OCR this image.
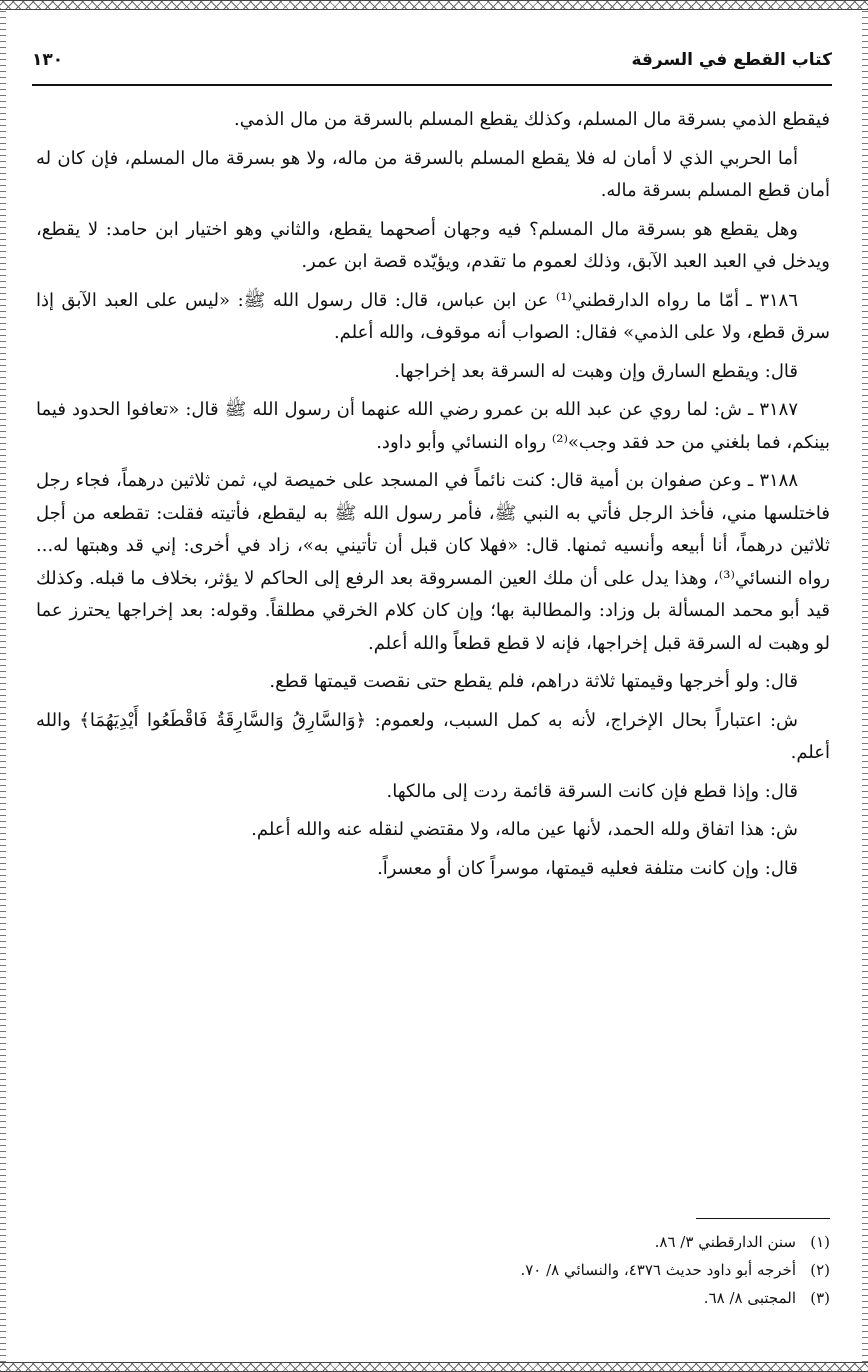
كتاب القطع في السرقة
١٣٠

فيقطع الذمي بسرقة مال المسلم، وكذلك يقطع المسلم بالسرقة من مال الذمي.

أما الحربي الذي لا أمان له فلا يقطع المسلم بالسرقة من ماله، ولا هو بسرقة مال المسلم، فإن كان له أمان قطع المسلم بسرقة ماله.

وهل يقطع هو بسرقة مال المسلم؟ فيه وجهان أصحهما يقطع، والثاني وهو اختيار ابن حامد: لا يقطع، ويدخل في العبد العبد الآبق، وذلك لعموم ما تقدم، ويؤيّده قصة ابن عمر.

٣١٨٦ ـ أمّا ما رواه الدارقطني⁽¹⁾ عن ابن عباس، قال: قال رسول الله ﷺ: «ليس على العبد الآبق إذا سرق قطع، ولا على الذمي» فقال: الصواب أنه موقوف، والله أعلم.

قال: ويقطع السارق وإن وهبت له السرقة بعد إخراجها.

٣١٨٧ ـ ش: لما روي عن عبد الله بن عمرو رضي الله عنهما أن رسول الله ﷺ قال: «تعافوا الحدود فيما بينكم، فما بلغني من حد فقد وجب»⁽²⁾ رواه النسائي وأبو داود.

٣١٨٨ ـ وعن صفوان بن أمية قال: كنت نائماً في المسجد على خميصة لي، ثمن ثلاثين درهماً، فجاء رجل فاختلسها مني، فأخذ الرجل فأتي به النبي ﷺ، فأمر رسول الله ﷺ به ليقطع، فأتيته فقلت: تقطعه من أجل ثلاثين درهماً، أنا أبيعه وأنسيه ثمنها. قال: «فهلا كان قبل أن تأتيني به»، زاد في أخرى: إني قد وهبتها له... رواه النسائي⁽³⁾، وهذا يدل على أن ملك العين المسروقة بعد الرفع إلى الحاكم لا يؤثر، بخلاف ما قبله. وكذلك قيد أبو محمد المسألة بل وزاد: والمطالبة بها؛ وإن كان كلام الخرقي مطلقاً. وقوله: بعد إخراجها يحترز عما لو وهبت له السرقة قبل إخراجها، فإنه لا قطع قطعاً والله أعلم.

قال: ولو أخرجها وقيمتها ثلاثة دراهم، فلم يقطع حتى نقصت قيمتها قطع.

ش: اعتباراً بحال الإخراج، لأنه به كمل السبب، ولعموم: ﴿وَالسَّارِقُ وَالسَّارِقَةُ فَاقْطَعُوا أَيْدِيَهُمَا﴾ والله أعلم.

قال: وإذا قطع فإن كانت السرقة قائمة ردت إلى مالكها.

ش: هذا اتفاق ولله الحمد، لأنها عين ماله، ولا مقتضي لنقله عنه والله أعلم.

قال: وإن كانت متلفة فعليه قيمتها، موسراً كان أو معسراً.

(١)سنن الدارقطني ٣/ ٨٦.
(٢)أخرجه أبو داود حديث ٤٣٧٦، والنسائي ٨/ ٧٠.
(٣)المجتبى ٨/ ٦٨.
